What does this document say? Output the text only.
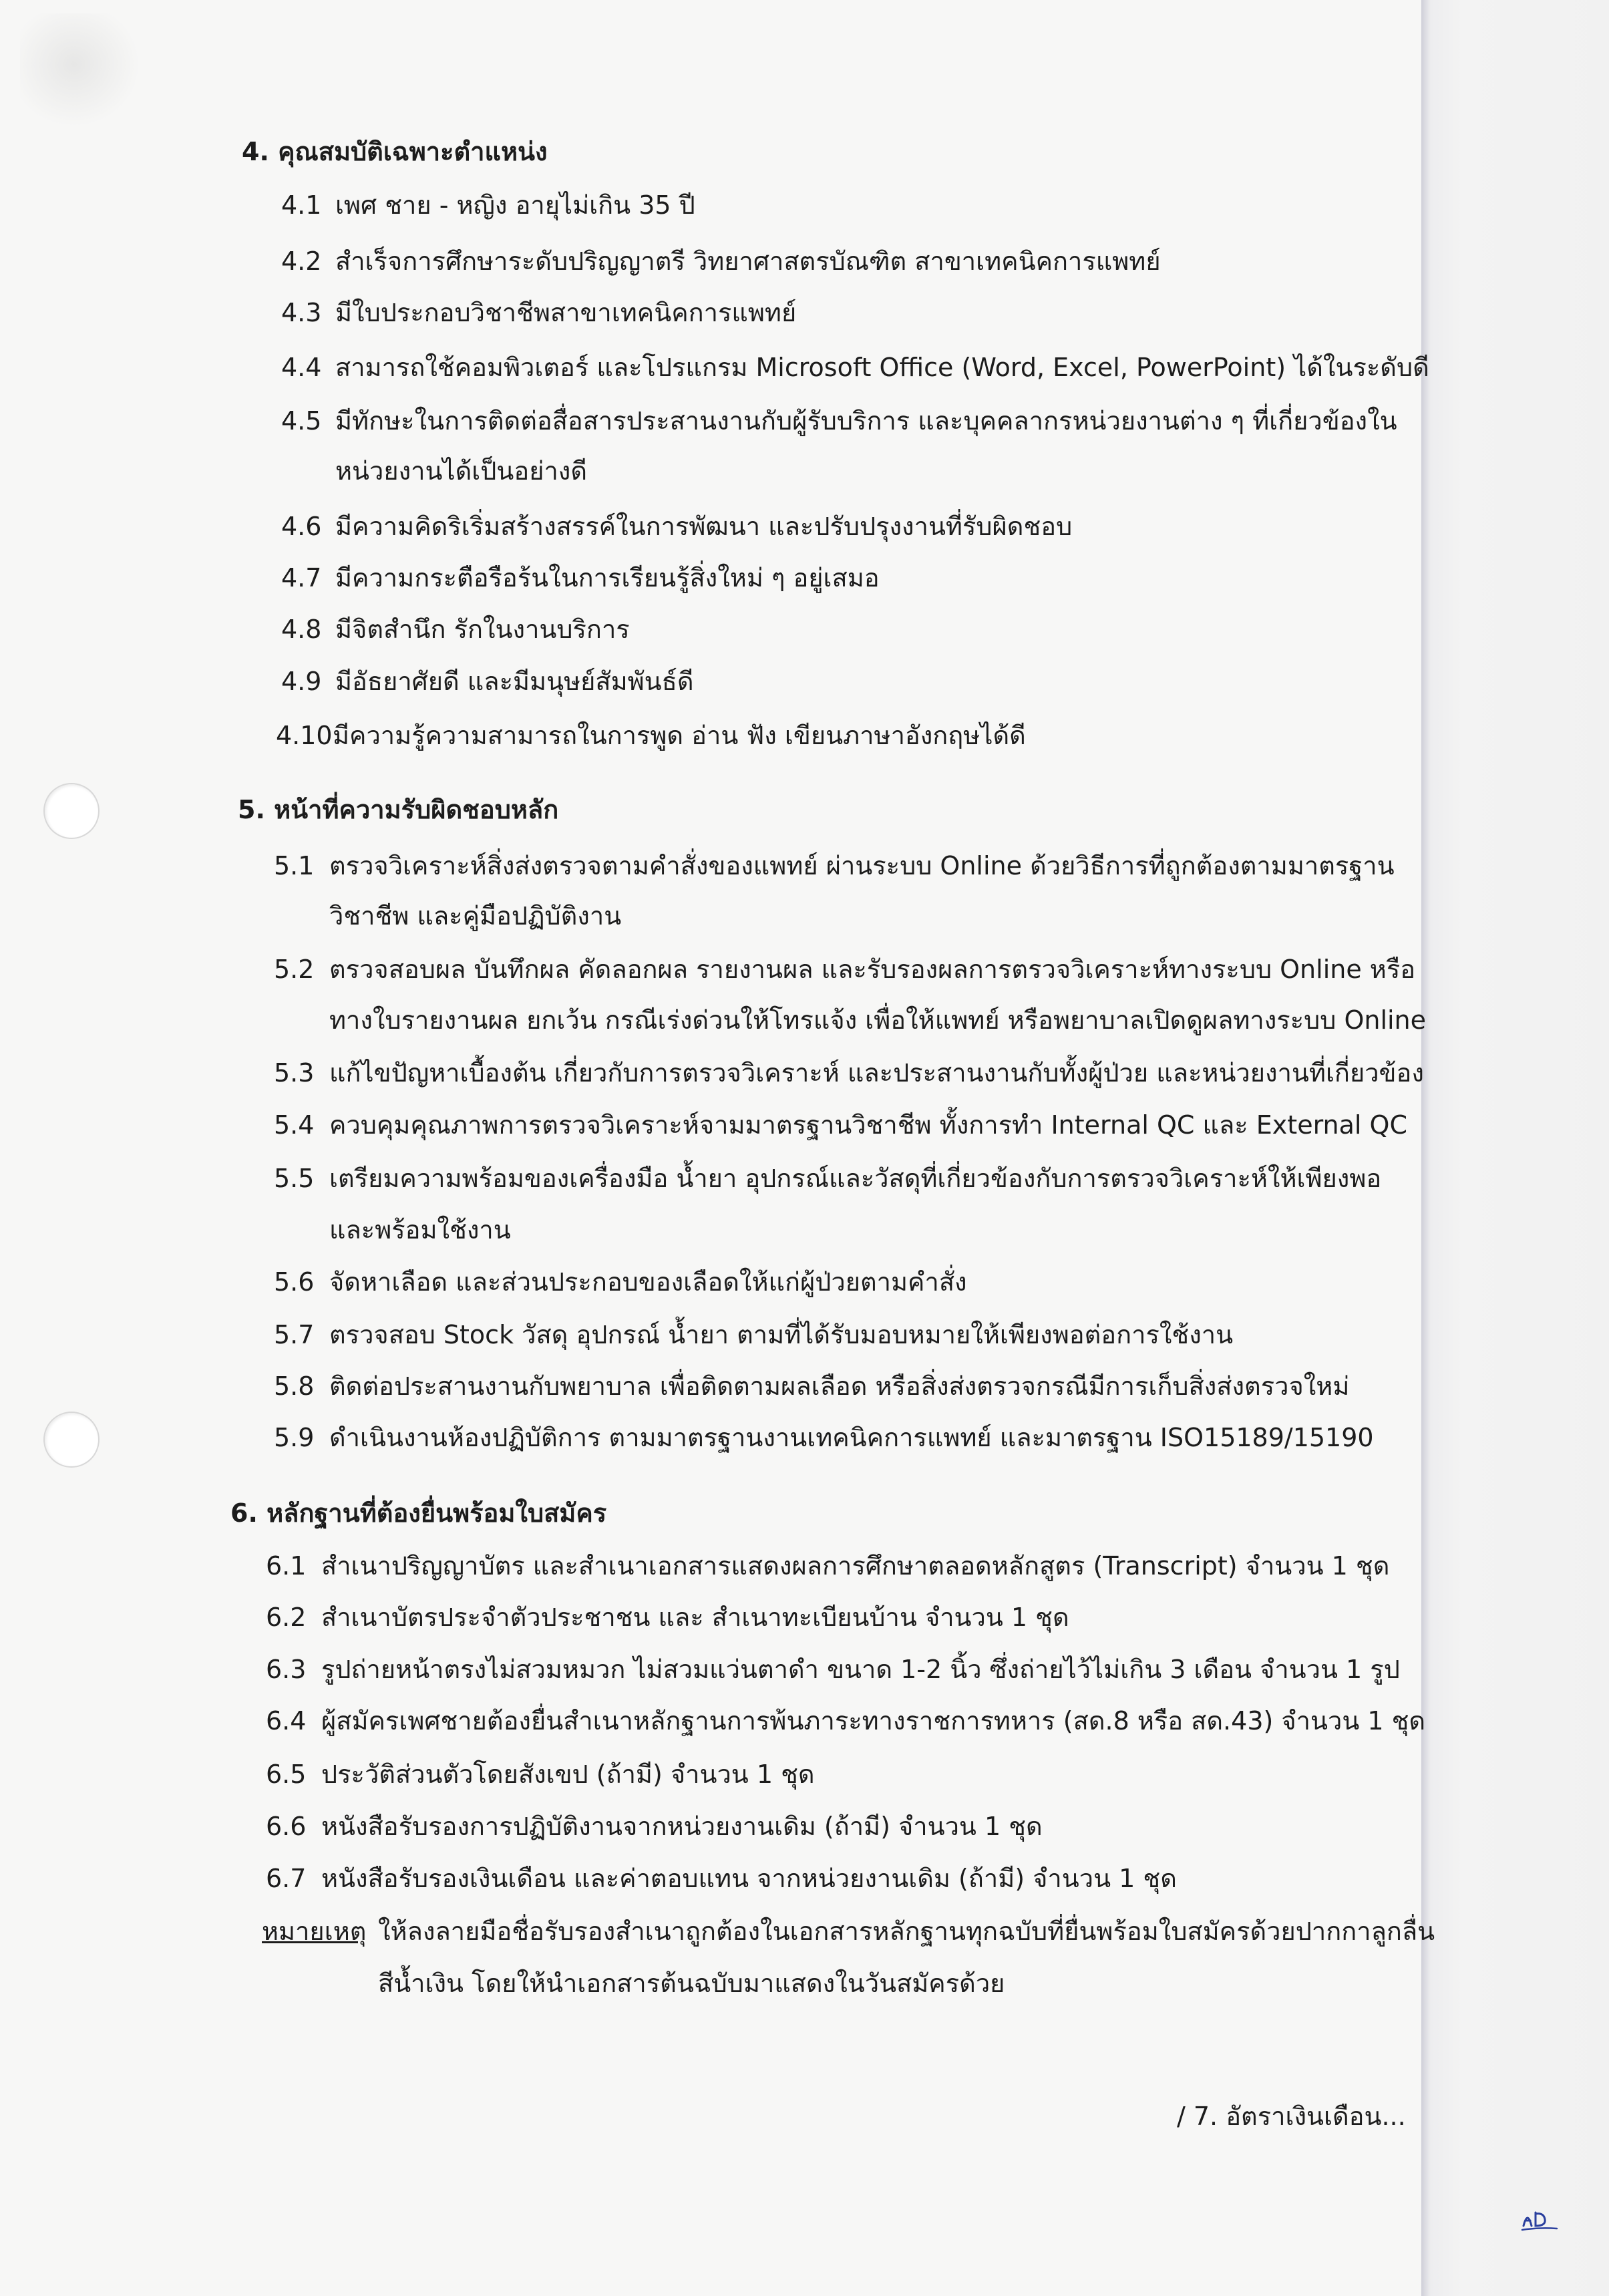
4. คุณสมบัติเฉพาะตำแหน่ง
4.1 เพศ ชาย - หญิง อายุไม่เกิน 35 ปี
4.2 สำเร็จการศึกษาระดับปริญญาตรี วิทยาศาสตรบัณฑิต สาขาเทคนิคการแพทย์
4.3 มีใบประกอบวิชาชีพสาขาเทคนิคการแพทย์
4.4 สามารถใช้คอมพิวเตอร์ และโปรแกรม Microsoft Office (Word, Excel, PowerPoint) ได้ในระดับดี
4.5 มีทักษะในการติดต่อสื่อสารประสานงานกับผู้รับบริการ และบุคคลากรหน่วยงานต่าง ๆ ที่เกี่ยวข้องใน
หน่วยงานได้เป็นอย่างดี
4.6 มีความคิดริเริ่มสร้างสรรค์ในการพัฒนา และปรับปรุงงานที่รับผิดชอบ
4.7 มีความกระตือรือร้นในการเรียนรู้สิ่งใหม่ ๆ อยู่เสมอ
4.8 มีจิตสำนึก รักในงานบริการ
4.9 มีอัธยาศัยดี และมีมนุษย์สัมพันธ์ดี
4.10 มีความรู้ความสามารถในการพูด อ่าน ฟัง เขียนภาษาอังกฤษได้ดี
5. หน้าที่ความรับผิดชอบหลัก
5.1 ตรวจวิเคราะห์สิ่งส่งตรวจตามคำสั่งของแพทย์ ผ่านระบบ Online ด้วยวิธีการที่ถูกต้องตามมาตรฐาน
วิชาชีพ และคู่มือปฏิบัติงาน
5.2 ตรวจสอบผล บันทึกผล คัดลอกผล รายงานผล และรับรองผลการตรวจวิเคราะห์ทางระบบ Online หรือ
ทางใบรายงานผล ยกเว้น กรณีเร่งด่วนให้โทรแจ้ง เพื่อให้แพทย์ หรือพยาบาลเปิดดูผลทางระบบ Online
5.3 แก้ไขปัญหาเบื้องต้น เกี่ยวกับการตรวจวิเคราะห์ และประสานงานกับทั้งผู้ป่วย และหน่วยงานที่เกี่ยวข้อง
5.4 ควบคุมคุณภาพการตรวจวิเคราะห์จามมาตรฐานวิชาชีพ ทั้งการทำ Internal QC และ External QC
5.5 เตรียมความพร้อมของเครื่องมือ น้ำยา อุปกรณ์และวัสดุที่เกี่ยวข้องกับการตรวจวิเคราะห์ให้เพียงพอ
และพร้อมใช้งาน
5.6 จัดหาเลือด และส่วนประกอบของเลือดให้แก่ผู้ป่วยตามคำสั่ง
5.7 ตรวจสอบ Stock วัสดุ อุปกรณ์ น้ำยา ตามที่ได้รับมอบหมายให้เพียงพอต่อการใช้งาน
5.8 ติดต่อประสานงานกับพยาบาล เพื่อติดตามผลเลือด หรือสิ่งส่งตรวจกรณีมีการเก็บสิ่งส่งตรวจใหม่
5.9 ดำเนินงานห้องปฏิบัติการ ตามมาตรฐานงานเทคนิคการแพทย์ และมาตรฐาน ISO15189/15190
6. หลักฐานที่ต้องยื่นพร้อมใบสมัคร
6.1 สำเนาปริญญาบัตร และสำเนาเอกสารแสดงผลการศึกษาตลอดหลักสูตร (Transcript) จำนวน 1 ชุด
6.2 สำเนาบัตรประจำตัวประชาชน และ สำเนาทะเบียนบ้าน จำนวน 1 ชุด
6.3 รูปถ่ายหน้าตรงไม่สวมหมวก ไม่สวมแว่นตาดำ ขนาด 1-2 นิ้ว ซึ่งถ่ายไว้ไม่เกิน 3 เดือน จำนวน 1 รูป
6.4 ผู้สมัครเพศชายต้องยื่นสำเนาหลักฐานการพ้นภาระทางราชการทหาร (สด.8 หรือ สด.43) จำนวน 1 ชุด
6.5 ประวัติส่วนตัวโดยสังเขป (ถ้ามี) จำนวน 1 ชุด
6.6 หนังสือรับรองการปฏิบัติงานจากหน่วยงานเดิม (ถ้ามี) จำนวน 1 ชุด
6.7 หนังสือรับรองเงินเดือน และค่าตอบแทน จากหน่วยงานเดิม (ถ้ามี) จำนวน 1 ชุด
หมายเหตุ ให้ลงลายมือชื่อรับรองสำเนาถูกต้องในเอกสารหลักฐานทุกฉบับที่ยื่นพร้อมใบสมัครด้วยปากกาลูกลื่น
สีน้ำเงิน โดยให้นำเอกสารต้นฉบับมาแสดงในวันสมัครด้วย
/ 7. อัตราเงินเดือน...
